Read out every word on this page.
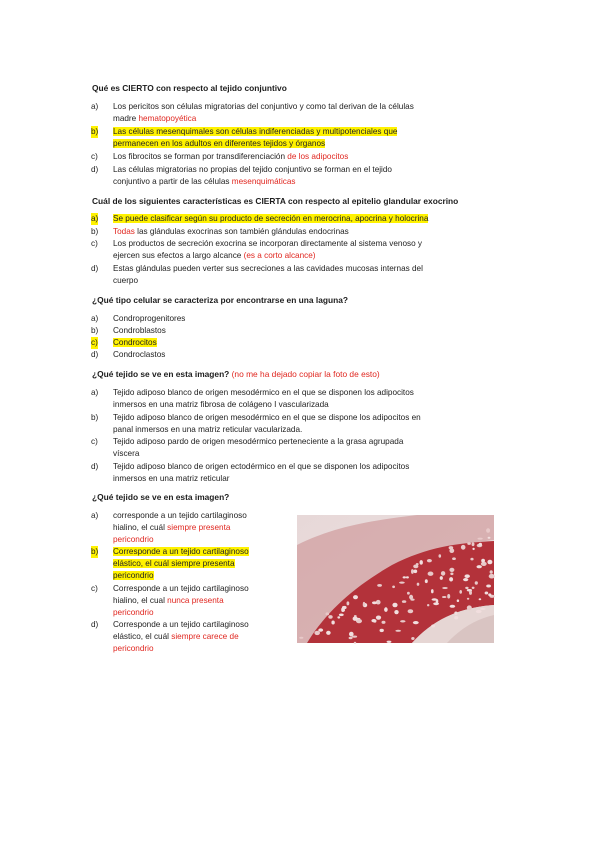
Qué es CIERTO con respecto al tejido conjuntivo
a) Los pericitos son células migratorias del conjuntivo y como tal derivan de la células
madre hematopoyética
b) Las células mesenquimales son células indiferenciadas y multipotenciales que
permanecen en los adultos en diferentes tejidos y órganos
c) Los fibrocitos se forman por transdiferenciación de los adipocitos
d) Las células migratorias no propias del tejido conjuntivo se forman en el tejido
conjuntivo a partir de las células mesenquimáticas
Cuál de los siguientes características es CIERTA con respecto al epitelio glandular exocrino
a) Se puede clasificar según su producto de secreción en merocrina, apocrina y holocrina
b) Todas las glándulas exocrinas son también glándulas endocrinas
c) Los productos de secreción exocrina se incorporan directamente al sistema venoso y
ejercen sus efectos a largo alcance (es a corto alcance)
d) Estas glándulas pueden verter sus secreciones a las cavidades mucosas internas del
cuerpo
¿Qué tipo celular se caracteriza por encontrarse en una laguna?
a) Condroprogenitores
b) Condroblastos
c) Condrocitos
d) Condroclastos
¿Qué tejido se ve en esta imagen? (no me ha dejado copiar la foto de esto)
a) Tejido adiposo blanco de origen mesodérmico en el que se disponen los adipocitos
inmersos en una matriz fibrosa de colágeno I vascularizada
b) Tejido adiposo blanco de origen mesodérmico en el que se dispone los adipocitos en
panal inmersos en una matriz reticular vacularizada.
c) Tejido adiposo pardo de origen mesodérmico perteneciente a la grasa agrupada
víscera
d) Tejido adiposo blanco de origen ectodérmico en el que se disponen los adipocitos
inmersos en una matriz reticular
¿Qué tejido se ve en esta imagen?
a) corresponde a un tejido cartilaginoso
hialino, el cuál siempre presenta
pericondrio
b) Corresponde a un tejido cartilaginoso
elástico, el cuál siempre presenta
pericondrio
c) Corresponde a un tejido cartilaginoso
hialino, el cual nunca presenta
pericondrio
d) Corresponde a un tejido cartilaginoso
elástico, el cuál siempre carece de
pericondrio
